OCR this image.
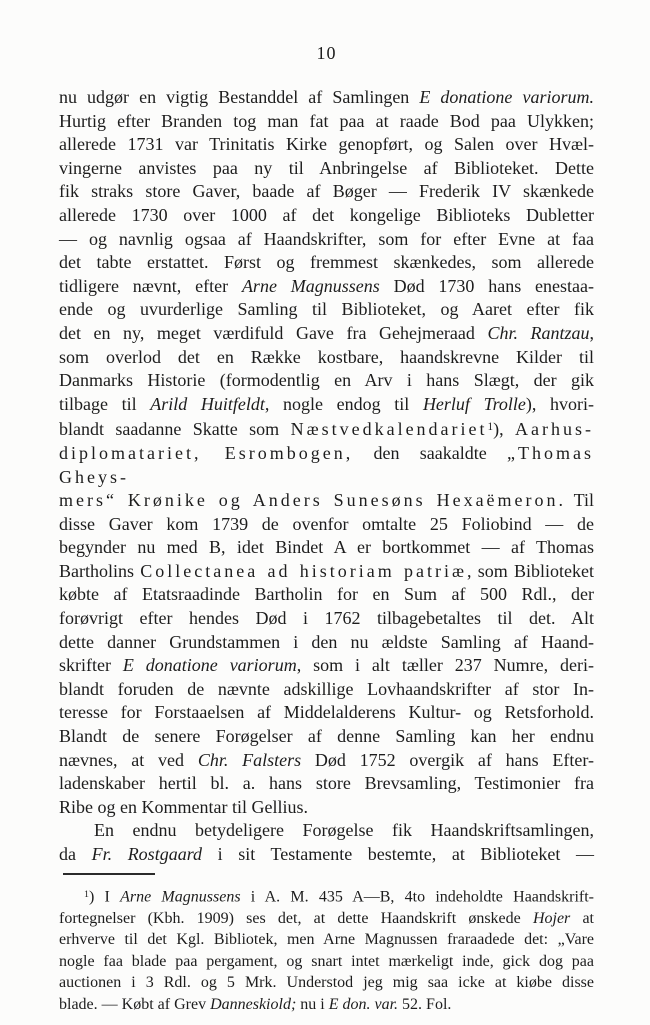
10
nu udgør en vigtig Bestanddel af Samlingen E donatione variorum.
Hurtig efter Branden tog man fat paa at raade Bod paa Ulykken;
allerede 1731 var Trinitatis Kirke genopført, og Salen over Hvæl-
vingerne anvistes paa ny til Anbringelse af Biblioteket. Dette
fik straks store Gaver, baade af Bøger — Frederik IV skænkede
allerede 1730 over 1000 af det kongelige Biblioteks Dubletter
— og navnlig ogsaa af Haandskrifter, som for efter Evne at faa
det tabte erstattet. Først og fremmest skænkedes, som allerede
tidligere nævnt, efter Arne Magnussens Død 1730 hans enestaa-
ende og uvurderlige Samling til Biblioteket, og Aaret efter fik
det en ny, meget værdifuld Gave fra Gehejmeraad Chr. Rantzau,
som overlod det en Række kostbare, haandskrevne Kilder til
Danmarks Historie (formodentlig en Arv i hans Slægt, der gik
tilbage til Arild Huitfeldt, nogle endog til Herluf Trolle), hvori-
blandt saadanne Skatte som Næstvedkalendariet$^1$), Aarhus-
diplomatariet, Esrombogen, den saakaldte „Thomas Gheys-
mers“ Krønike og Anders Sunesøns Hexaëmeron. Til
disse Gaver kom 1739 de ovenfor omtalte 25 Foliobind — de
begynder nu med B, idet Bindet A er bortkommet — af Thomas
Bartholins Collectanea ad historiam patriæ, som Biblioteket
købte af Etatsraadinde Bartholin for en Sum af 500 Rdl., der
forøvrigt efter hendes Død i 1762 tilbagebetaltes til det. Alt
dette danner Grundstammen i den nu ældste Samling af Haand-
skrifter E donatione variorum, som i alt tæller 237 Numre, deri-
blandt foruden de nævnte adskillige Lovhaandskrifter af stor In-
teresse for Forstaaelsen af Middelalderens Kultur- og Retsforhold.
Blandt de senere Forøgelser af denne Samling kan her endnu
nævnes, at ved Chr. Falsters Død 1752 overgik af hans Efter-
ladenskaber hertil bl. a. hans store Brevsamling, Testimonier fra
Ribe og en Kommentar til Gellius.
En endnu betydeligere Forøgelse fik Haandskriftsamlingen,
da Fr. Rostgaard i sit Testamente bestemte, at Biblioteket —
$^1$) I Arne Magnussens i A. M. 435 A—B, 4to indeholdte Haandskrift-
fortegnelser (Kbh. 1909) ses det, at dette Haandskrift ønskede Hojer at
erhverve til det Kgl. Bibliotek, men Arne Magnussen fraraadede det: „Vare
nogle faa blade paa pergament, og snart intet mærkeligt inde, gick dog paa
auctionen i 3 Rdl. og 5 Mrk. Understod jeg mig saa icke at kiøbe disse
blade. — Købt af Grev Danneskiold; nu i E don. var. 52. Fol.
